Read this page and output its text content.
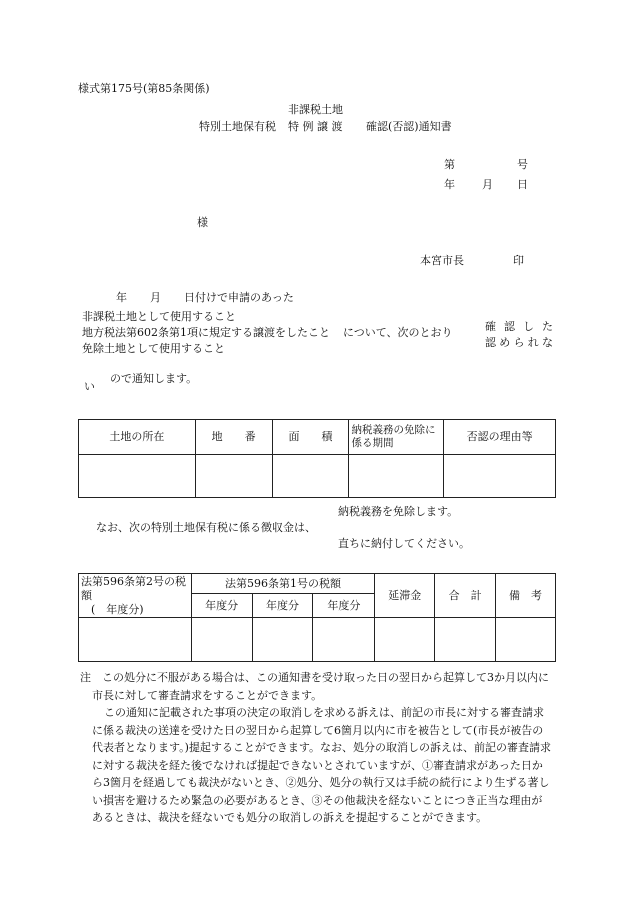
様式第175号(第85条関係)
非課税土地
特別土地保有税 特 例 譲 渡 確認(否認)通知書
第	号
年 月 日
様
本宮市長	印
年 月 日付けで申請のあった
非課税土地として使用すること
地方税法第602条第1項に規定する譲渡をしたこと
免除土地として使用すること
について、次のとおり	確 認 し た
認められな
い
ので通知します。
土地の所在	地　　番	面　　積	納税義務の免除に係る期間	否認の理由等

納税義務を免除します。
なお、次の特別土地保有税に係る徴収金は、
直ちに納付してください。
法第596条第2号の税額
(　年度分)	法第596条第1号の税額			延滞金	合　計	備　考
	年度分	年度分	年度分			

注　この処分に不服がある場合は、この通知書を受け取った日の翌日から起算して3か月以内に市長に対して審査請求をすることができます。

この通知に記載された事項の決定の取消しを求める訴えは、前記の市長に対する審査請求に係る裁決の送達を受けた日の翌日から起算して6箇月以内に市を被告として(市長が被告の代表者となります。)提起することができます。なお、処分の取消しの訴えは、前記の審査請求に対する裁決を経た後でなければ提起できないとされていますが、①審査請求があった日から3箇月を経過しても裁決がないとき、②処分、処分の執行又は手続の続行により生ずる著しい損害を避けるため緊急の必要があるとき、③その他裁決を経ないことにつき正当な理由があるときは、裁決を経ないでも処分の取消しの訴えを提起することができます。
